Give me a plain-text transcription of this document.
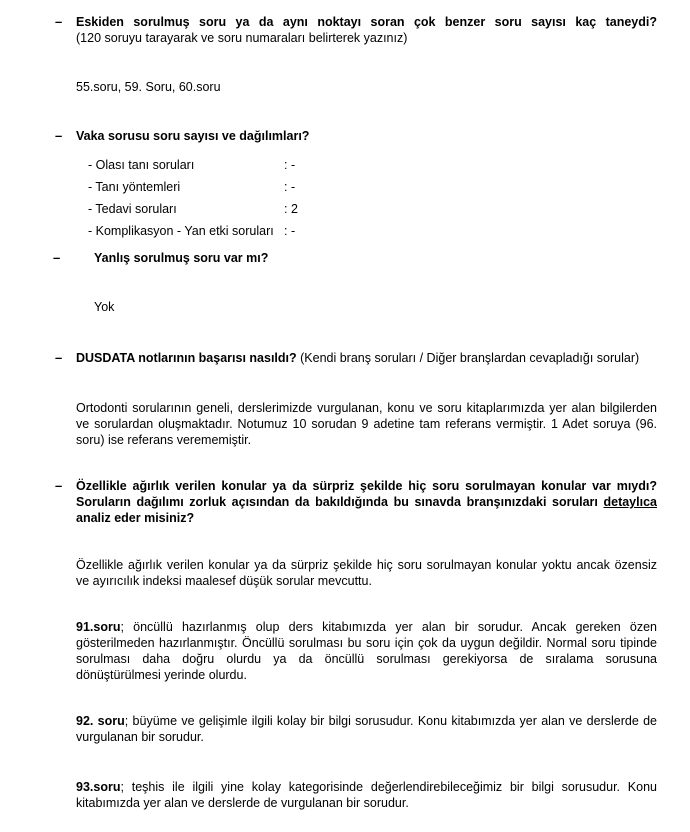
– Eskiden sorulmuş soru ya da aynı noktayı soran çok benzer soru sayısı kaç taneydi?
(120 soruyu tarayarak ve soru numaraları belirterek yazınız)
55.soru, 59. Soru, 60.soru
– Vaka sorusu soru sayısı ve dağılımları?
- Olası tanı soruları	: -
- Tanı yöntemleri	: -
- Tedavi soruları	: 2
- Komplikasyon - Yan etki soruları : -
–	Yanlış sorulmuş soru var mı?
Yok
– DUSDATA notlarının başarısı nasıldı? (Kendi branş soruları / Diğer branşlardan cevapladığı sorular)
Ortodonti sorularının geneli, derslerimizde vurgulanan, konu ve soru kitaplarımızda yer alan bilgilerden
ve sorulardan oluşmaktadır. Notumuz 10 sorudan 9 adetine tam referans vermiştir. 1 Adet soruya (96.
soru) ise referans verememiştir.
– Özellikle ağırlık verilen konular ya da sürpriz şekilde hiç soru sorulmayan konular var mıydı?
Soruların dağılımı zorluk açısından da bakıldığında bu sınavda branşınızdaki soruları detaylıca
analiz eder misiniz?
Özellikle ağırlık verilen konular ya da sürpriz şekilde hiç soru sorulmayan konular yoktu ancak özensiz
ve ayırıcılık indeksi maalesef düşük sorular mevcuttu.
91.soru; öncüllü hazırlanmış olup ders kitabımızda yer alan bir sorudur. Ancak gereken özen
gösterilmeden hazırlanmıştır. Öncüllü sorulması bu soru için çok da uygun değildir. Normal soru tipinde
sorulması daha doğru olurdu ya da öncüllü sorulması gerekiyorsa de sıralama sorusuna
dönüştürülmesi yerinde olurdu.
92. soru; büyüme ve gelişimle ilgili kolay bir bilgi sorusudur. Konu kitabımızda yer alan ve derslerde de
vurgulanan bir sorudur.
93.soru; teşhis ile ilgili yine kolay kategorisinde değerlendirebileceğimiz bir bilgi sorusudur. Konu
kitabımızda yer alan ve derslerde de vurgulanan bir sorudur.
